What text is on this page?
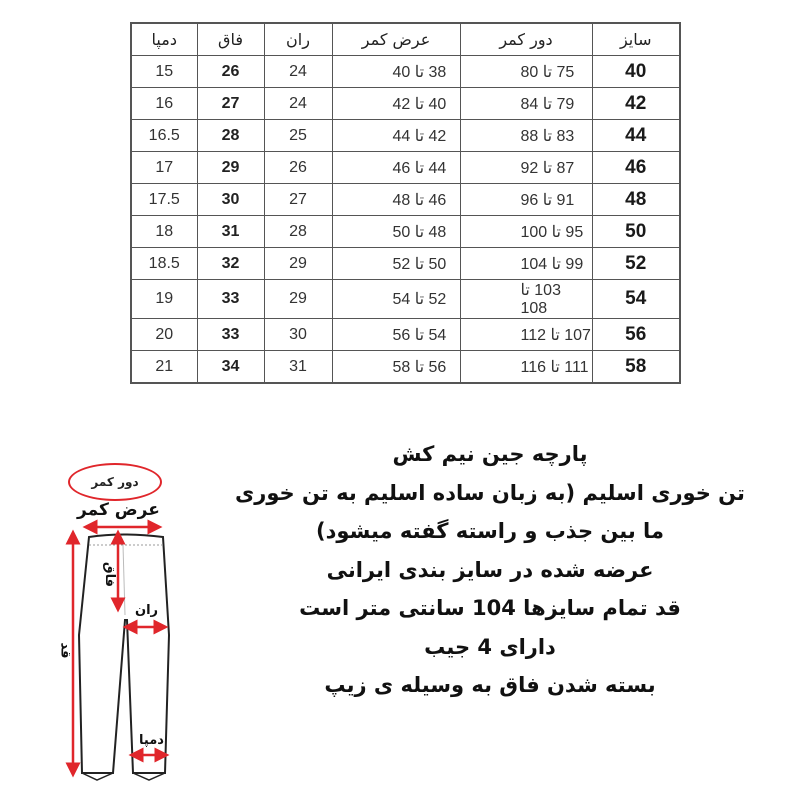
سایز	دور کمر	عرض کمر	ران	فاق	دمپا
40	75 تا 80	38 تا 40	24	26	15
42	79 تا 84	40 تا 42	24	27	16
44	83 تا 88	42 تا 44	25	28	16.5
46	87 تا 92	44 تا 46	26	29	17
48	91 تا 96	46 تا 48	27	30	17.5
50	95 تا 100	48 تا 50	28	31	18
52	99 تا 104	50 تا 52	29	32	18.5
54	103 تا 108	52 تا 54	29	33	19
56	107 تا 112	54 تا 56	30	33	20
58	111 تا 116	56 تا 58	31	34	21
دور کمر
عرض کمر
فاق
قد
ران
دمپا
پارچه جین نیم کش
تن خوری اسلیم (به زبان ساده اسلیم به تن خوری
ما بین جذب و راسته گفته میشود)
عرضه شده در سایز بندی ایرانی
قد تمام سایزها 104 سانتی متر است
دارای 4 جیب
بسته شدن فاق به وسیله ی زیپ
